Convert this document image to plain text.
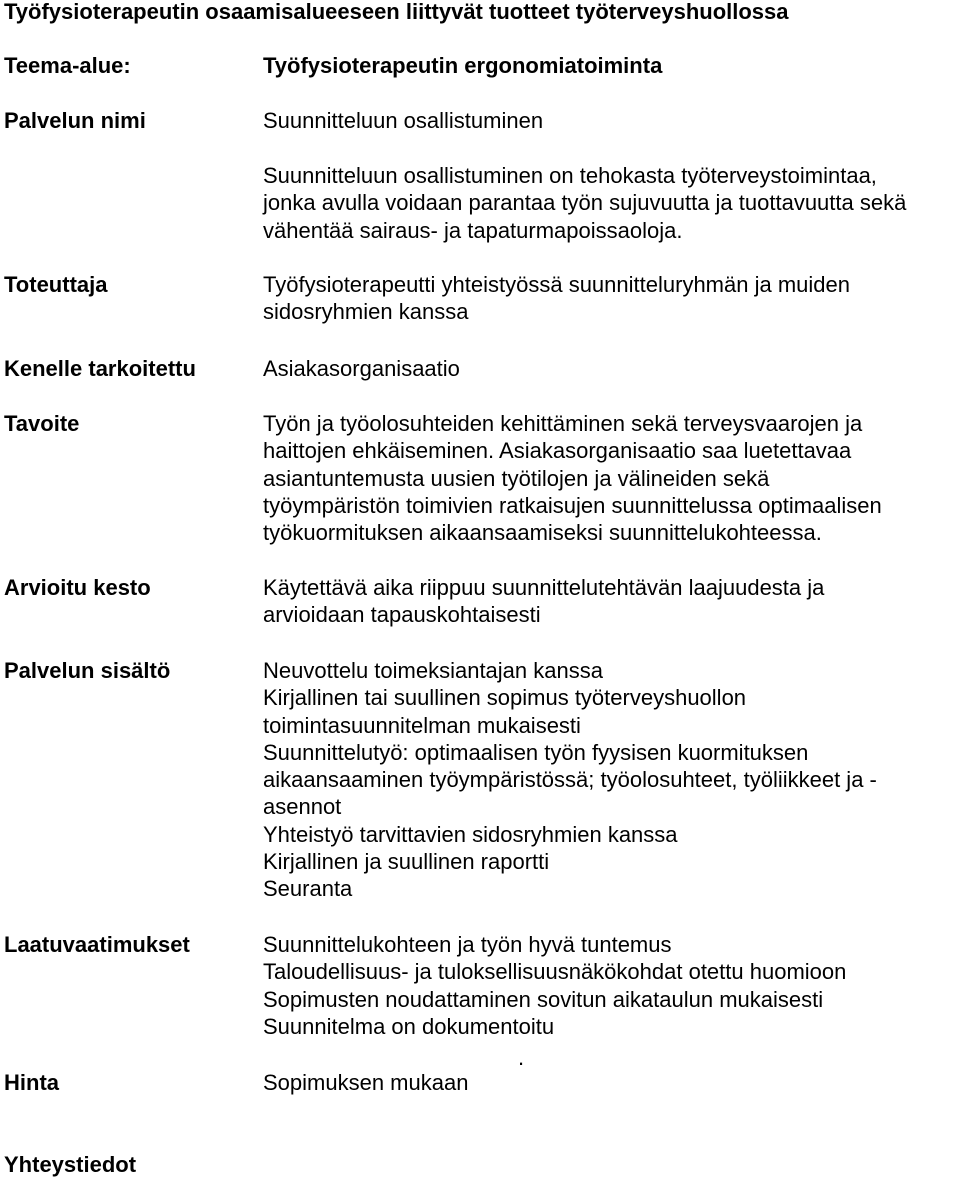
Työfysioterapeutin osaamisalueeseen liittyvät tuotteet työterveyshuollossa
Teema-alue:	Työfysioterapeutin ergonomiatoiminta
Palvelun nimi	Suunnitteluun osallistuminen

Suunnitteluun osallistuminen on tehokasta työterveystoimintaa,

jonka avulla voidaan parantaa työn sujuvuutta ja tuottavuutta sekä

vähentää sairaus- ja tapaturmapoissaoloja.

Toteuttaja	Työfysioterapeutti yhteistyössä suunnitteluryhmän ja muiden

sidosryhmien kanssa

Kenelle tarkoitettu	Asiakasorganisaatio
Tavoite	Työn ja työolosuhteiden kehittäminen sekä terveysvaarojen ja

haittojen ehkäiseminen. Asiakasorganisaatio saa luetettavaa

asiantuntemusta uusien työtilojen ja välineiden sekä

työympäristön toimivien ratkaisujen suunnittelussa optimaalisen

työkuormituksen aikaansaamiseksi suunnittelukohteessa.

Arvioitu kesto	Käytettävä aika riippuu suunnittelutehtävän laajuudesta ja

arvioidaan tapauskohtaisesti

Palvelun sisältö	Neuvottelu toimeksiantajan kanssa

Kirjallinen tai suullinen sopimus työterveyshuollon

toimintasuunnitelman mukaisesti

Suunnittelutyö: optimaalisen työn fyysisen kuormituksen

aikaansaaminen työympäristössä; työolosuhteet, työliikkeet ja -

asennot

Yhteistyö tarvittavien sidosryhmien kanssa

Kirjallinen ja suullinen raportti

Seuranta

Laatuvaatimukset	Suunnittelukohteen ja työn hyvä tuntemus

Taloudellisuus- ja tuloksellisuusnäkökohdat otettu huomioon

Sopimusten noudattaminen sovitun aikataulun mukaisesti

Suunnitelma on dokumentoitu

.
Hinta	Sopimuksen mukaan
Yhteystiedot
